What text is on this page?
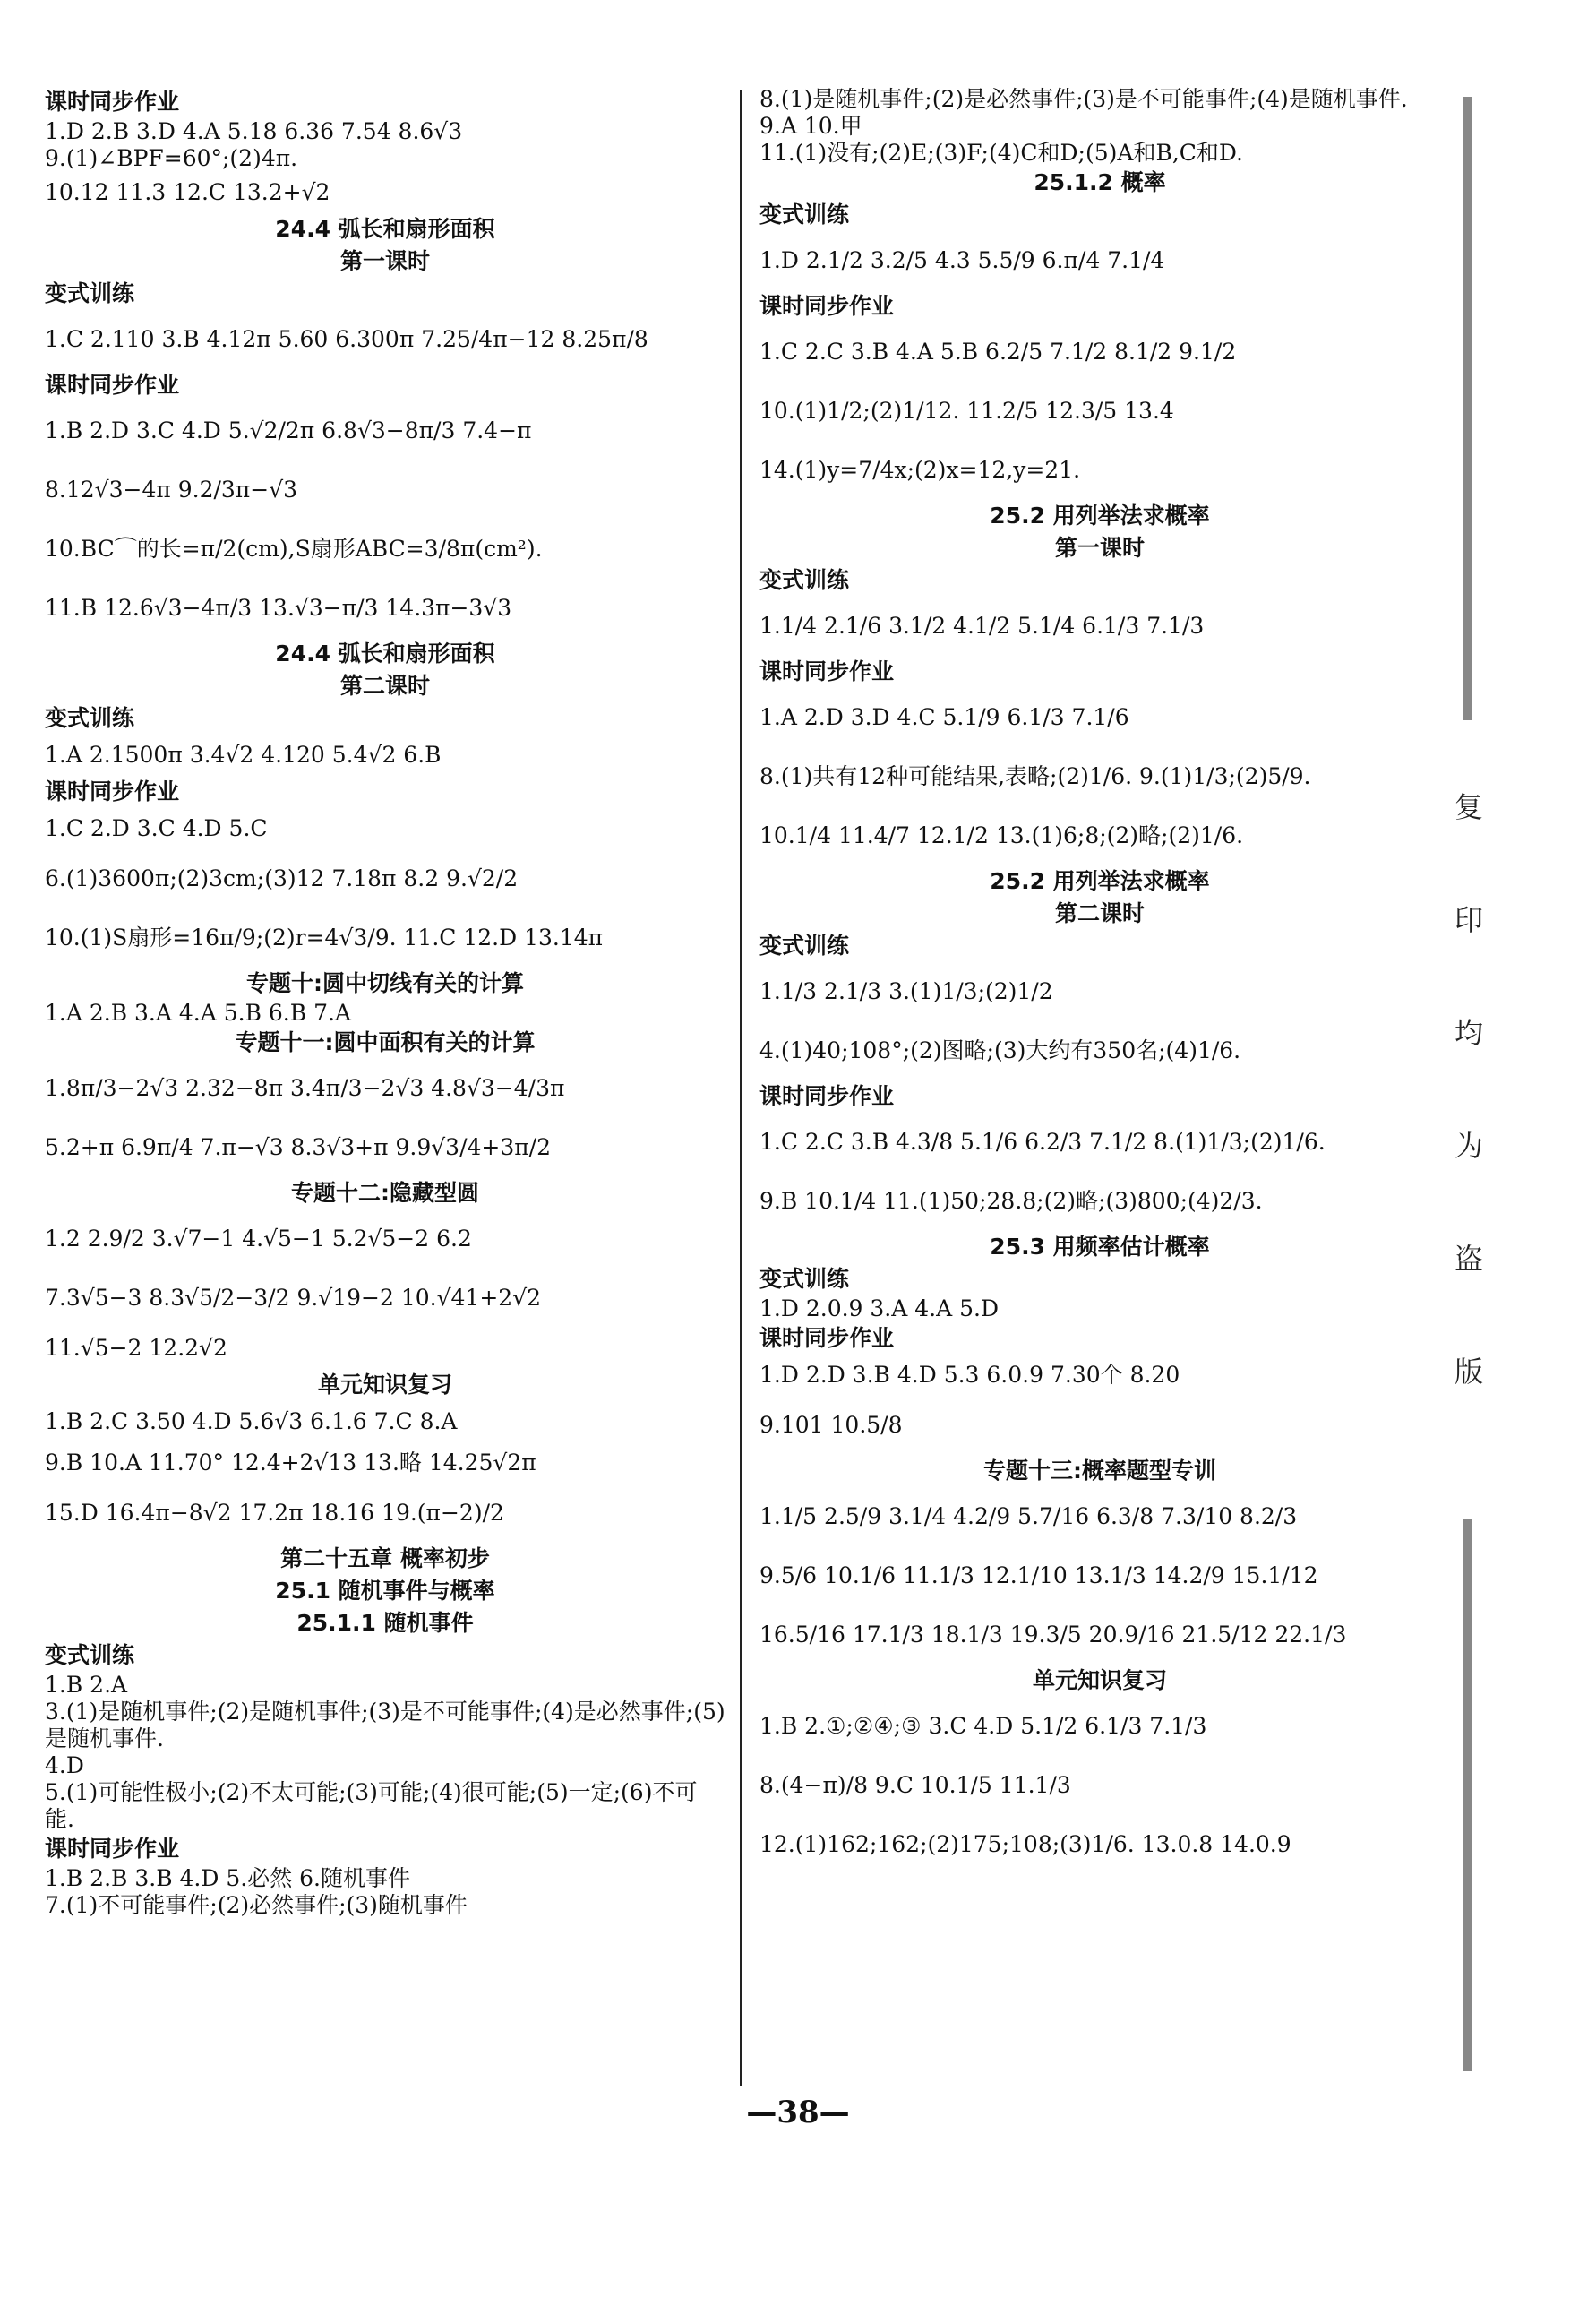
课时同步作业

1.D 2.B 3.D 4.A 5.18 6.36 7.54 8.6√3

9.(1)∠BPF=60°;(2)4π.

10.12 11.3 12.C 13.2+√2

24.4 弧长和扇形面积

第一课时

变式训练

1.C 2.110 3.B 4.12π 5.60 6.300π 7.25/4π−12 8.25π/8

课时同步作业

1.B 2.D 3.C 4.D 5.√2/2π 6.8√3−8π/3 7.4−π

8.12√3−4π 9.2/3π−√3

10.BC⌒的长=π/2(cm),S扇形ABC=3/8π(cm²).

11.B 12.6√3−4π/3 13.√3−π/3 14.3π−3√3

24.4 弧长和扇形面积

第二课时

变式训练

1.A 2.1500π 3.4√2 4.120 5.4√2 6.B

课时同步作业

1.C 2.D 3.C 4.D 5.C

6.(1)3600π;(2)3cm;(3)12 7.18π 8.2 9.√2/2

10.(1)S扇形=16π/9;(2)r=4√3/9. 11.C 12.D 13.14π

专题十:圆中切线有关的计算

1.A 2.B 3.A 4.A 5.B 6.B 7.A

专题十一:圆中面积有关的计算

1.8π/3−2√3 2.32−8π 3.4π/3−2√3 4.8√3−4/3π

5.2+π 6.9π/4 7.π−√3 8.3√3+π 9.9√3/4+3π/2

专题十二:隐藏型圆

1.2 2.9/2 3.√7−1 4.√5−1 5.2√5−2 6.2

7.3√5−3 8.3√5/2−3/2 9.√19−2 10.√41+2√2

11.√5−2 12.2√2

单元知识复习

1.B 2.C 3.50 4.D 5.6√3 6.1.6 7.C 8.A

9.B 10.A 11.70° 12.4+2√13 13.略 14.25√2π

15.D 16.4π−8√2 17.2π 18.16 19.(π−2)/2

第二十五章 概率初步

25.1 随机事件与概率

25.1.1 随机事件

变式训练

1.B 2.A

3.(1)是随机事件;(2)是随机事件;(3)是不可能事件;(4)是必然事件;(5)是随机事件.

4.D

5.(1)可能性极小;(2)不太可能;(3)可能;(4)很可能;(5)一定;(6)不可能.

课时同步作业

1.B 2.B 3.B 4.D 5.必然 6.随机事件

7.(1)不可能事件;(2)必然事件;(3)随机事件

8.(1)是随机事件;(2)是必然事件;(3)是不可能事件;(4)是随机事件.

9.A 10.甲

11.(1)没有;(2)E;(3)F;(4)C和D;(5)A和B,C和D.

25.1.2 概率

变式训练

1.D 2.1/2 3.2/5 4.3 5.5/9 6.π/4 7.1/4

课时同步作业

1.C 2.C 3.B 4.A 5.B 6.2/5 7.1/2 8.1/2 9.1/2

10.(1)1/2;(2)1/12. 11.2/5 12.3/5 13.4

14.(1)y=7/4x;(2)x=12,y=21.

25.2 用列举法求概率

第一课时

变式训练

1.1/4 2.1/6 3.1/2 4.1/2 5.1/4 6.1/3 7.1/3

课时同步作业

1.A 2.D 3.D 4.C 5.1/9 6.1/3 7.1/6

8.(1)共有12种可能结果,表略;(2)1/6. 9.(1)1/3;(2)5/9.

10.1/4 11.4/7 12.1/2 13.(1)6;8;(2)略;(2)1/6.

25.2 用列举法求概率

第二课时

变式训练

1.1/3 2.1/3 3.(1)1/3;(2)1/2

4.(1)40;108°;(2)图略;(3)大约有350名;(4)1/6.

课时同步作业

1.C 2.C 3.B 4.3/8 5.1/6 6.2/3 7.1/2 8.(1)1/3;(2)1/6.

9.B 10.1/4 11.(1)50;28.8;(2)略;(3)800;(4)2/3.

25.3 用频率估计概率

变式训练

1.D 2.0.9 3.A 4.A 5.D

课时同步作业

1.D 2.D 3.B 4.D 5.3 6.0.9 7.30个 8.20

9.101 10.5/8

专题十三:概率题型专训

1.1/5 2.5/9 3.1/4 4.2/9 5.7/16 6.3/8 7.3/10 8.2/3

9.5/6 10.1/6 11.1/3 12.1/10 13.1/3 14.2/9 15.1/12

16.5/16 17.1/3 18.1/3 19.3/5 20.9/16 21.5/12 22.1/3

单元知识复习

1.B 2.①;②④;③ 3.C 4.D 5.1/2 6.1/3 7.1/3

8.(4−π)/8 9.C 10.1/5 11.1/3

12.(1)162;162;(2)175;108;(3)1/6. 13.0.8 14.0.9

复
印
均
为
盗
版
—38—
